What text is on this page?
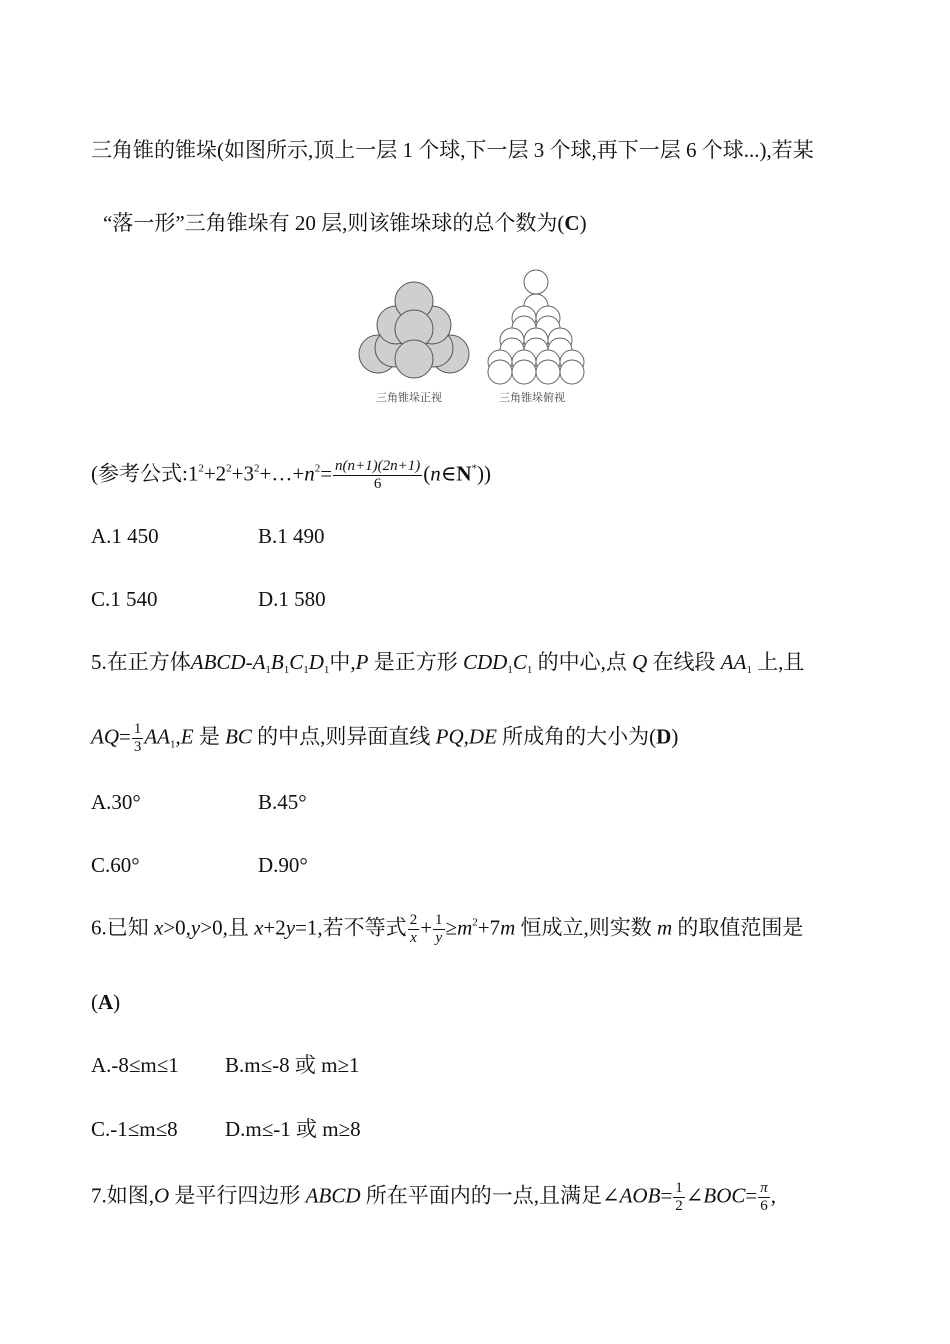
三角锥的锥垛(如图所示,顶上一层 1 个球,下一层 3 个球,再下一层 6 个球...),若某
“落一形”三角锥垛有 20 层,则该锥垛球的总个数为(C)
三角锥垛正视	三角锥垛俯视
(参考公式$:1^2+2^2+3^2+\dots+n^2= \frac{n(n+1)(2n+1)}{6}$ (n∈N*))
A.1 450	B.1 490
C.1 540	D.1 580
5.在正方体ABCD-$A_1B_1C_1D_1$中,P 是正方形 $CDD_1C_1$ 的中心,点 Q 在线段 $AA_1$ 上,且
$AQ= \frac{1}{3} AA_1,E$ 是 BC 的中点,则异面直线 PQ,DE 所成角的大小为(D)
A.30°	B.45°
C.60°	D.90°
6.已知 x>0,y>0,且 x+2y=1,若不等式 $\frac{2}{x} + \frac{1}{y} \ge m^2+7m$ 恒成立,则实数 m 的取值范围是
(A)
A.-8≤m≤1 B.m≤-8 或 m≥1
C.-1≤m≤8 D.m≤-1 或 m≥8
7.如图,O 是平行四边形 ABCD 所在平面内的一点,且满足∠AOB= $\frac{1}{2}$ ∠BOC= $\frac{\pi}{6}$ ,
